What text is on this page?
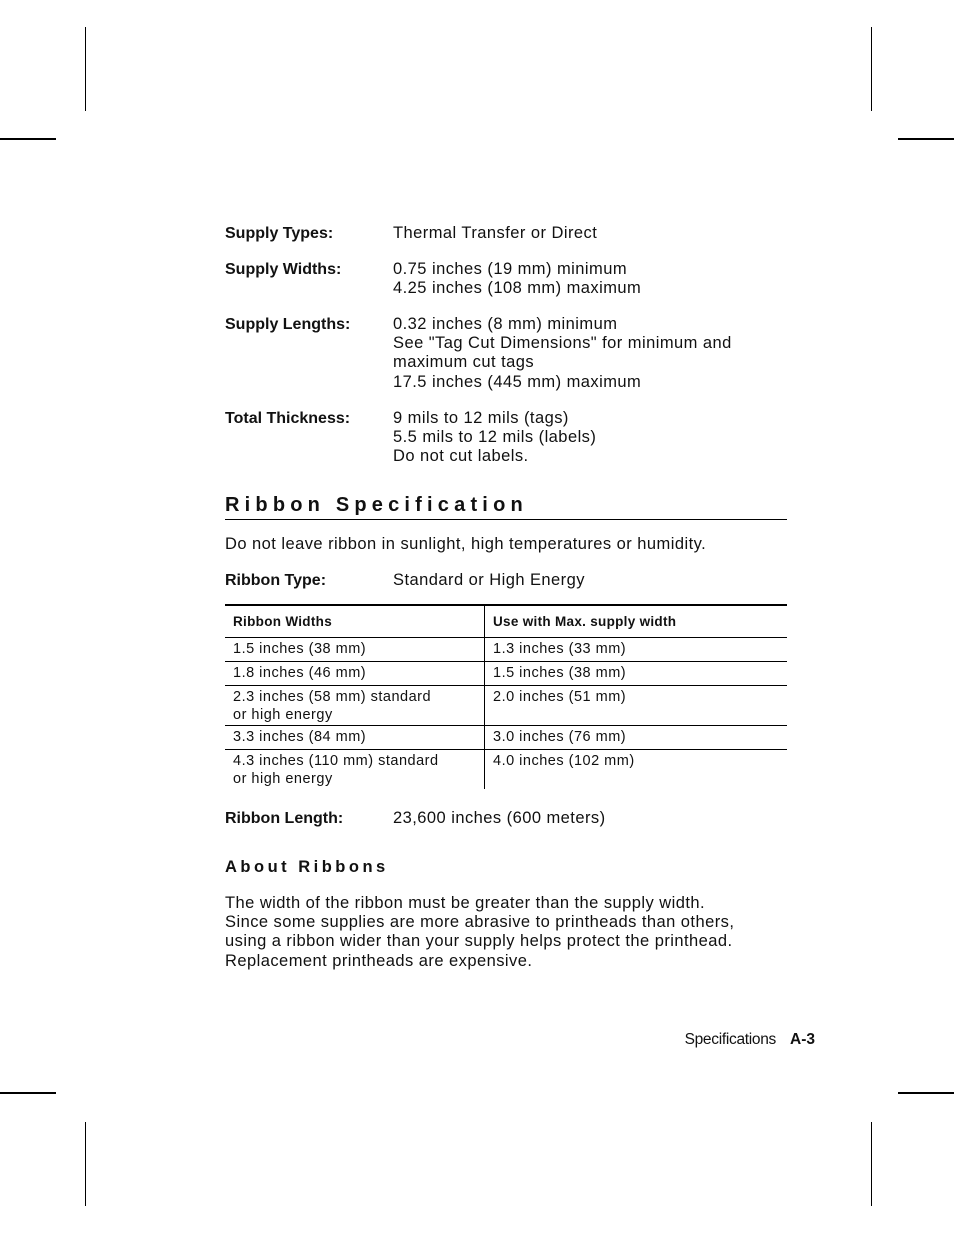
Supply Types:	Thermal Transfer or Direct
Supply Widths:	0.75 inches (19 mm) minimum
4.25 inches (108 mm) maximum
Supply Lengths:	0.32 inches (8 mm) minimum
See "Tag Cut Dimensions" for minimum and
maximum cut tags
17.5 inches (445 mm) maximum
Total Thickness:	9 mils to 12 mils (tags)
5.5 mils to 12 mils (labels)
Do not cut labels.
Ribbon Specification
Do not leave ribbon in sunlight, high temperatures or humidity.
Ribbon Type:	Standard or High Energy
Ribbon Widths	Use with Max. supply width

1.5 inches (38 mm)	1.3 inches (33 mm)

1.8 inches (46 mm)	1.5 inches (38 mm)

2.3 inches (58 mm) standard
or high energy	2.0 inches (51 mm)

3.3 inches (84 mm)	3.0 inches (76 mm)

4.3 inches (110 mm) standard
or high energy	4.0 inches (102 mm)
Ribbon Length:	23,600 inches (600 meters)
About Ribbons
The width of the ribbon must be greater than the supply width.
Since some supplies are more abrasive to printheads than others,
using a ribbon wider than your supply helps protect the printhead.
Replacement printheads are expensive.
Specifications A-3
